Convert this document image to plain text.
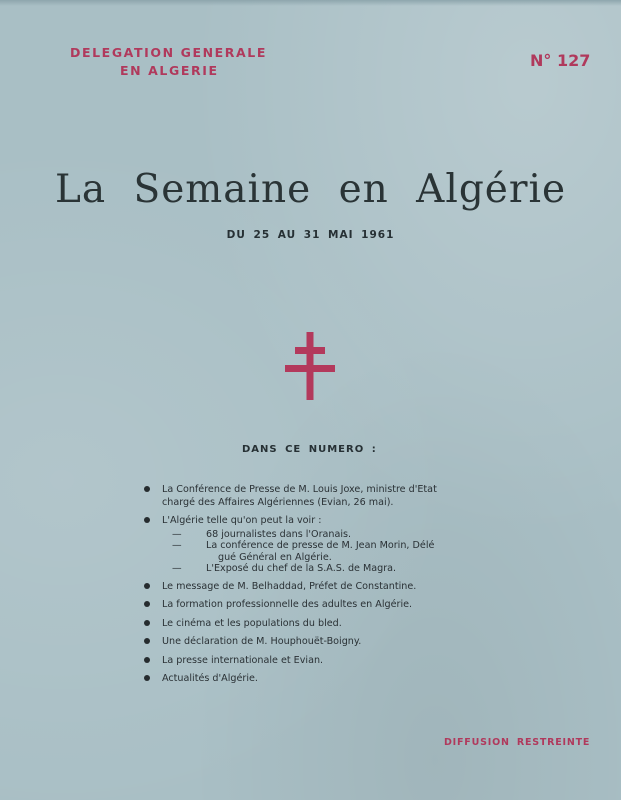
DELEGATION GENERALE
EN ALGERIE
N° 127
La Semaine en Algérie
DU 25 AU 31 MAI 1961
DANS CE NUMERO :
La Conférence de Presse de M. Louis Joxe, ministre d'Etat
chargé des Affaires Algériennes (Evian, 26 mai).
L'Algérie telle qu'on peut la voir :
—	68 journalistes dans l'Oranais.
—	La conférence de presse de M. Jean Morin, Délé
gué Général en Algérie.
—	L'Exposé du chef de la S.A.S. de Magra.
Le message de M. Belhaddad, Préfet de Constantine.
La formation professionnelle des adultes en Algérie.
Le cinéma et les populations du bled.
Une déclaration de M. Houphouët-Boigny.
La presse internationale et Evian.
Actualités d'Algérie.
DIFFUSION RESTREINTE
